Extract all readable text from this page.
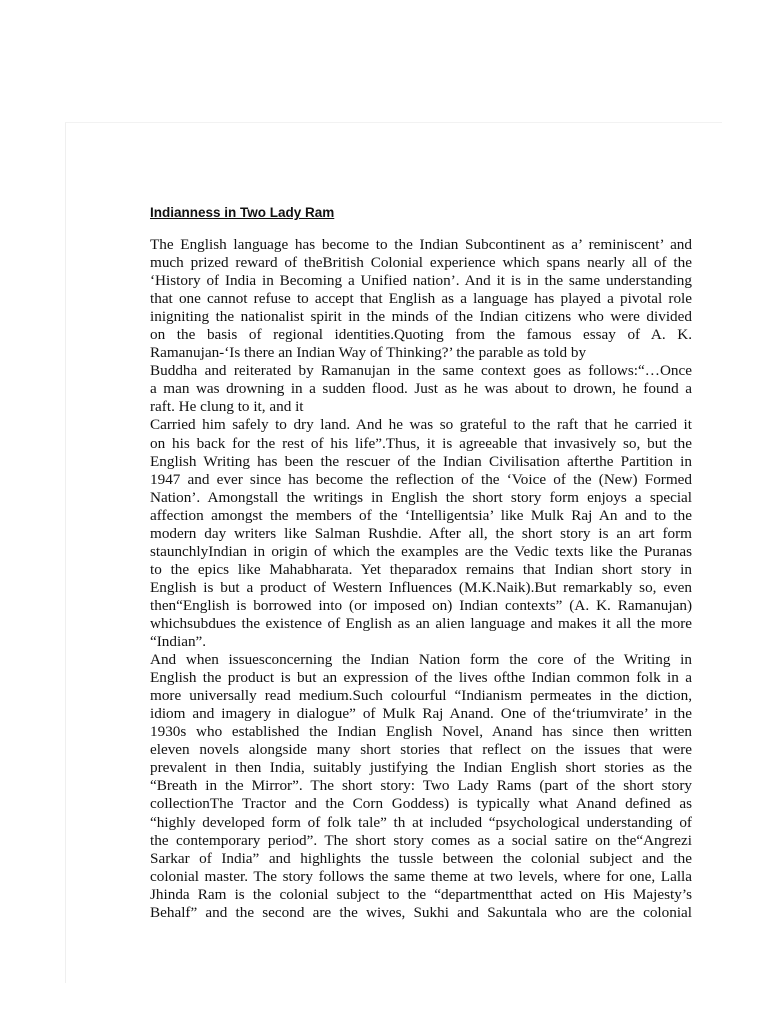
Indianness in Two Lady Ram
The English language has become to the Indian Subcontinent as a’ reminiscent’ and
much prized reward of theBritish Colonial experience which spans nearly all of the
‘History of India in Becoming a Unified nation’. And it is in the same understanding
that one cannot refuse to accept that English as a language has played a pivotal role
inigniting the nationalist spirit in the minds of the Indian citizens who were divided
on the basis of regional identities.Quoting from the famous essay of A. K.
Ramanujan-‘Is there an Indian Way of Thinking?’ the parable as told by
Buddha and reiterated by Ramanujan in the same context goes as follows:“…Once
a man was drowning in a sudden flood. Just as he was about to drown, he found a
raft. He clung to it, and it
Carried him safely to dry land. And he was so grateful to the raft that he carried it
on his back for the rest of his life”.Thus, it is agreeable that invasively so, but the
English Writing has been the rescuer of the Indian Civilisation afterthe Partition in
1947 and ever since has become the reflection of the ‘Voice of the (New) Formed
Nation’. Amongstall the writings in English the short story form enjoys a special
affection amongst the members of the ‘Intelligentsia’ like Mulk Raj An and to the
modern day writers like Salman Rushdie. After all, the short story is an art form
staunchlyIndian in origin of which the examples are the Vedic texts like the Puranas
to the epics like Mahabharata. Yet theparadox remains that Indian short story in
English is but a product of Western Influences (M.K.Naik).But remarkably so, even
then“English is borrowed into (or imposed on) Indian contexts” (A. K. Ramanujan)
whichsubdues the existence of English as an alien language and makes it all the more
“Indian”.
And when issuesconcerning the Indian Nation form the core of the Writing in
English the product is but an expression of the lives ofthe Indian common folk in a
more universally read medium.Such colourful “Indianism permeates in the diction,
idiom and imagery in dialogue” of Mulk Raj Anand. One of the‘triumvirate’ in the
1930s who established the Indian English Novel, Anand has since then written
eleven novels alongside many short stories that reflect on the issues that were
prevalent in then India, suitably justifying the Indian English short stories as the
“Breath in the Mirror”. The short story: Two Lady Rams (part of the short story
collectionThe Tractor and the Corn Goddess) is typically what Anand defined as
“highly developed form of folk tale” th at included “psychological understanding of
the contemporary period”. The short story comes as a social satire on the“Angrezi
Sarkar of India” and highlights the tussle between the colonial subject and the
colonial master. The story follows the same theme at two levels, where for one, Lalla
Jhinda Ram is the colonial subject to the “departmentthat acted on His Majesty’s
Behalf” and the second are the wives, Sukhi and Sakuntala who are the colonial
